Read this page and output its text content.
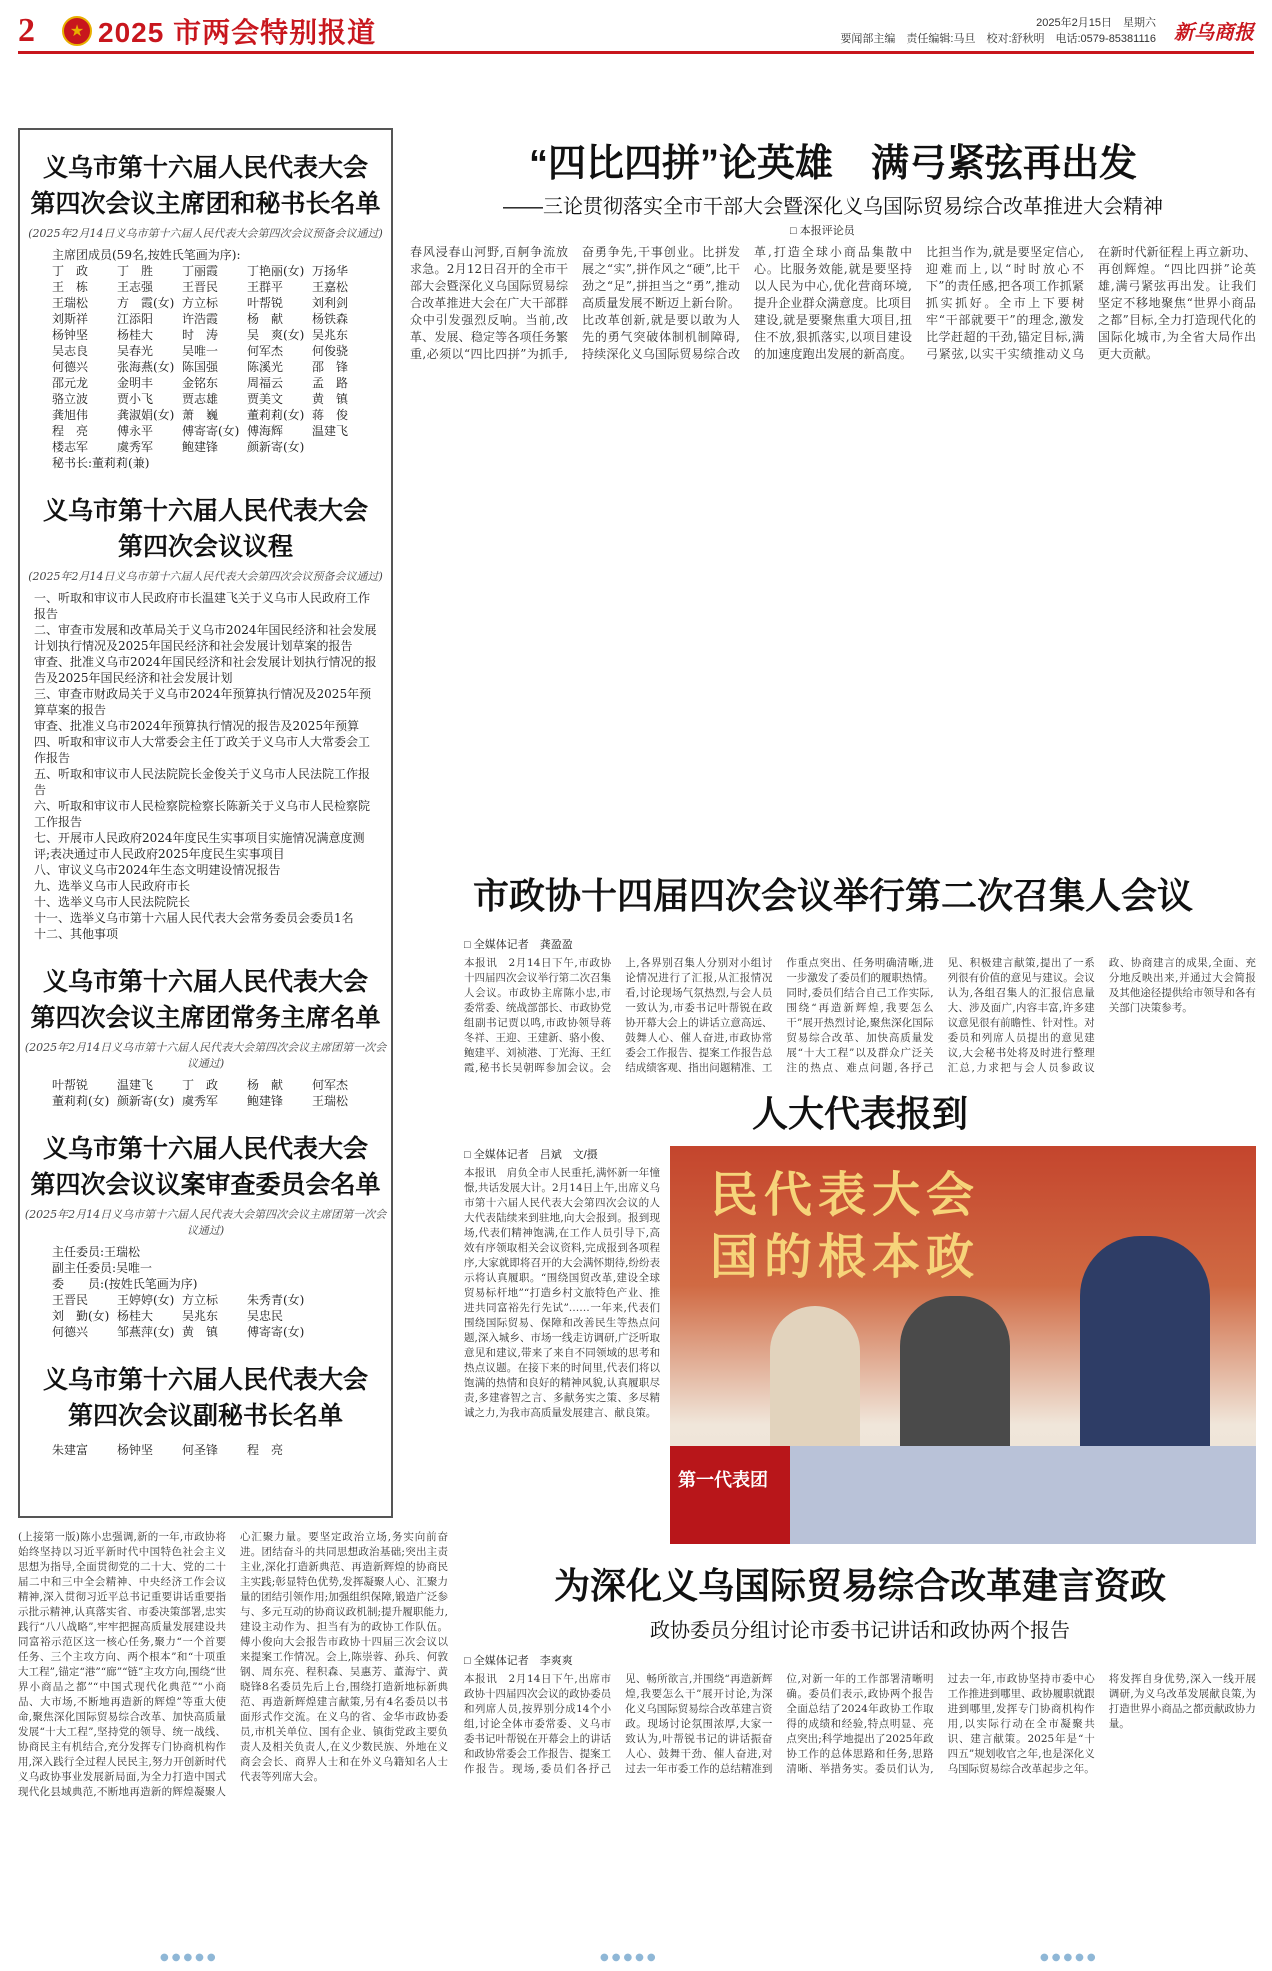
2	★ 2025 市两会特别报道	2025年2月15日　星期六
要闻部主编　责任编辑:马旦　校对:舒秋明　电话:0579-85381116 新乌商报
义乌市第十六届人民代表大会
第四次会议主席团和秘书长名单
(2025年2月14日义乌市第十六届人民代表大会第四次会议预备会议通过)
主席团成员(59名,按姓氏笔画为序):
丁　政	丁　胜	丁丽霞	丁艳丽(女) 万扬华
王　栋	王志强	王晋民	王群平	王嘉松
王瑞松	方　霞(女) 方立标	叶帮锐	刘利剑
刘斯祥	江添阳	许浩霞	杨　献	杨铁森
杨钟坚	杨桂大	时　涛	吴　爽(女) 吴兆东
吴志良	吴春光	吴唯一	何军杰	何俊骁
何德兴	张海燕(女) 陈国强	陈溪光	邵　锋
邵元龙	金明丰	金铭东	周福云	孟　路
骆立波	贾小飞	贾志雄	贾美文	黄　镇
龚旭伟	龚淑娟(女) 萧　巍	董莉莉(女) 蒋　俊
程　亮	傅永平	傅寄寄(女) 傅海辉	温建飞
楼志军	虞秀军	鲍建锋	颜新寄(女)
秘书长:董莉莉(兼)
义乌市第十六届人民代表大会
第四次会议议程
(2025年2月14日义乌市第十六届人民代表大会第四次会议预备会议通过)
一、听取和审议市人民政府市长温建飞关于义乌市人民政府工作报告
二、审查市发展和改革局关于义乌市2024年国民经济和社会发展计划执行情况及2025年国民经济和社会发展计划草案的报告
审查、批准义乌市2024年国民经济和社会发展计划执行情况的报告及2025年国民经济和社会发展计划
三、审查市财政局关于义乌市2024年预算执行情况及2025年预算草案的报告
审查、批准义乌市2024年预算执行情况的报告及2025年预算
四、听取和审议市人大常委会主任丁政关于义乌市人大常委会工作报告
五、听取和审议市人民法院院长金俊关于义乌市人民法院工作报告
六、听取和审议市人民检察院检察长陈新关于义乌市人民检察院工作报告
七、开展市人民政府2024年度民生实事项目实施情况满意度测评;表决通过市人民政府2025年度民生实事项目
八、审议义乌市2024年生态文明建设情况报告
九、选举义乌市人民政府市长
十、选举义乌市人民法院院长
十一、选举义乌市第十六届人民代表大会常务委员会委员1名
十二、其他事项
义乌市第十六届人民代表大会
第四次会议主席团常务主席名单
(2025年2月14日义乌市第十六届人民代表大会第四次会议主席团第一次会议通过)
叶帮锐	温建飞	丁　政	杨　献	何军杰
董莉莉(女) 颜新寄(女) 虞秀军	鲍建锋	王瑞松
义乌市第十六届人民代表大会
第四次会议议案审查委员会名单
(2025年2月14日义乌市第十六届人民代表大会第四次会议主席团第一次会议通过)
主任委员:王瑞松
副主任委员:吴唯一
委　　员:(按姓氏笔画为序)
王晋民	王婷婷(女) 方立标	朱秀青(女)
刘　勤(女) 杨桂大	吴兆东	吴忠民
何德兴	邹燕萍(女) 黄　镇	傅寄寄(女)
义乌市第十六届人民代表大会
第四次会议副秘书长名单
朱建富	杨钟坚	何圣锋	程　亮
“四比四拼”论英雄　满弓紧弦再出发
——三论贯彻落实全市干部大会暨深化义乌国际贸易综合改革推进大会精神
□ 本报评论员
春风浸春山河野,百舸争流放求急。2月12日召开的全市干部大会暨深化义乌国际贸易综合改革推进大会在广大干部群众中引发强烈反响。当前,改革、发展、稳定等各项任务繁重,必须以“四比四拼”为抓手,奋勇争先,干事创业。比拼发展之“实”,拼作风之“硬”,比干劲之“足”,拼担当之“勇”,推动高质量发展不断迈上新台阶。比改革创新,就是要以敢为人先的勇气突破体制机制障碍,持续深化义乌国际贸易综合改革,打造全球小商品集散中心。比服务效能,就是要坚持以人民为中心,优化营商环境,提升企业群众满意度。比项目建设,就是要聚焦重大项目,扭住不放,狠抓落实,以项目建设的加速度跑出发展的新高度。比担当作为,就是要坚定信心,迎难而上,以“时时放心不下”的责任感,把各项工作抓紧抓实抓好。全市上下要树牢“干部就要干”的理念,激发比学赶超的干劲,锚定目标,满弓紧弦,以实干实绩推动义乌在新时代新征程上再立新功、再创辉煌。“四比四拼”论英雄,满弓紧弦再出发。让我们坚定不移地聚焦“世界小商品之都”目标,全力打造现代化的国际化城市,为全省大局作出更大贡献。
市政协十四届四次会议举行第二次召集人会议
□ 全媒体记者　龚盈盈
本报讯　2月14日下午,市政协十四届四次会议举行第二次召集人会议。市政协主席陈小忠,市委常委、统战部部长、市政协党组副书记贾以鸣,市政协领导蒋冬祥、王迎、王建新、骆小俊、鲍建平、刘祯港、丁光海、王红霞,秘书长吴朝晖参加会议。会上,各界别召集人分别对小组讨论情况进行了汇报,从汇报情况看,讨论现场气氛热烈,与会人员一致认为,市委书记叶帮锐在政协开幕大会上的讲话立意高远、鼓舞人心、催人奋进,市政协常委会工作报告、提案工作报告总结成绩客观、指出问题精准、工作重点突出、任务明确清晰,进一步激发了委员们的履职热情。同时,委员们结合自己工作实际,围绕“再造新辉煌,我要怎么干”展开热烈讨论,聚焦深化国际贸易综合改革、加快高质量发展“十大工程”以及群众广泛关注的热点、难点问题,各抒己见、积极建言献策,提出了一系列很有价值的意见与建议。会议认为,各组召集人的汇报信息量大、涉及面广,内容丰富,许多建议意见很有前瞻性、针对性。对委员和列席人员提出的意见建议,大会秘书处将及时进行整理汇总,力求把与会人员参政议政、协商建言的成果,全面、充分地反映出来,并通过大会简报及其他途径提供给市领导和各有关部门决策参考。
人大代表报到
□ 全媒体记者　吕斌　文/摄
本报讯　肩负全市人民重托,满怀新一年憧憬,共话发展大计。2月14日上午,出席义乌市第十六届人民代表大会第四次会议的人大代表陆续来到驻地,向大会报到。报到现场,代表们精神饱满,在工作人员引导下,高效有序领取相关会议资料,完成报到各项程序,大家就即将召开的大会满怀期待,纷纷表示将认真履职。“围绕国贸改革,建设全球贸易标杆地”“打造乡村文旅特色产业、推进共同富裕先行先试”……一年来,代表们围绕国际贸易、保障和改善民生等热点问题,深入城乡、市场一线走访调研,广泛听取意见和建议,带来了来自不同领域的思考和热点议题。在接下来的时间里,代表们将以饱满的热情和良好的精神风貌,认真履职尽责,多建睿智之言、多献务实之策、多尽精诚之力,为我市高质量发展建言、献良策。
民代表大会
国的根本政
第一代表团
为深化义乌国际贸易综合改革建言资政
政协委员分组讨论市委书记讲话和政协两个报告
□ 全媒体记者　李爽爽
本报讯　2月14日下午,出席市政协十四届四次会议的政协委员和列席人员,按界别分成14个小组,讨论全体市委常委、义乌市委书记叶帮锐在开幕会上的讲话和政协常委会工作报告、提案工作报告。现场,委员们各抒己见、畅所欲言,并围绕“再造新辉煌,我要怎么干”展开讨论,为深化义乌国际贸易综合改革建言资政。现场讨论氛围浓厚,大家一致认为,叶帮锐书记的讲话振奋人心、鼓舞干劲、催人奋进,对过去一年市委工作的总结精准到位,对新一年的工作部署清晰明确。委员们表示,政协两个报告全面总结了2024年政协工作取得的成绩和经验,特点明显、亮点突出;科学地提出了2025年政协工作的总体思路和任务,思路清晰、举措务实。委员们认为,过去一年,市政协坚持市委中心工作推进到哪里、政协履职就跟进到哪里,发挥专门协商机构作用,以实际行动在全市凝聚共识、建言献策。2025年是“十四五”规划收官之年,也是深化义乌国际贸易综合改革起步之年。将发挥自身优势,深入一线开展调研,为义乌改革发展献良策,为打造世界小商品之都贡献政协力量。
(上接第一版)陈小忠强调,新的一年,市政协将始终坚持以习近平新时代中国特色社会主义思想为指导,全面贯彻党的二十大、党的二十届二中和三中全会精神、中央经济工作会议精神,深入贯彻习近平总书记重要讲话重要指示批示精神,认真落实省、市委决策部署,忠实践行“八八战略”,牢牢把握高质量发展建设共同富裕示范区这一核心任务,聚力“一个首要任务、三个主攻方向、两个根本”和“十项重大工程”,锚定“港”“廊”“链”主攻方向,围绕“世界小商品之都”“中国式现代化典范”“小商品、大市场,不断地再造新的辉煌”等重大使命,聚焦深化国际贸易综合改革、加快高质量发展“十大工程”,坚持党的领导、统一战线、协商民主有机结合,充分发挥专门协商机构作用,深入践行全过程人民民主,努力开创新时代义乌政协事业发展新局面,为全力打造中国式现代化县域典范,不断地再造新的辉煌凝聚人心汇聚力量。要坚定政治立场,务实向前奋进。团结奋斗的共同思想政治基础;突出主责主业,深化打造新典范、再造新辉煌的协商民主实践;彰显特色优势,发挥凝聚人心、汇聚力量的团结引领作用;加强组织保障,锻造广泛参与、多元互动的协商议政机制;提升履职能力,建设主动作为、担当有为的政协工作队伍。傅小俊向大会报告市政协十四届三次会议以来提案工作情况。会上,陈崇蓉、孙兵、何敦钢、周东亮、程积森、吴惠芳、董海宁、黄晓锋8名委员先后上台,围绕打造新地标新典范、再造新辉煌建言献策,另有4名委员以书面形式作交流。在义乌的省、金华市政协委员,市机关单位、国有企业、镇街党政主要负责人及相关负责人,在义少数民族、外地在义商会会长、商界人士和在外义乌籍知名人士代表等列席大会。
●●●●●	●●●●●	●●●●●
